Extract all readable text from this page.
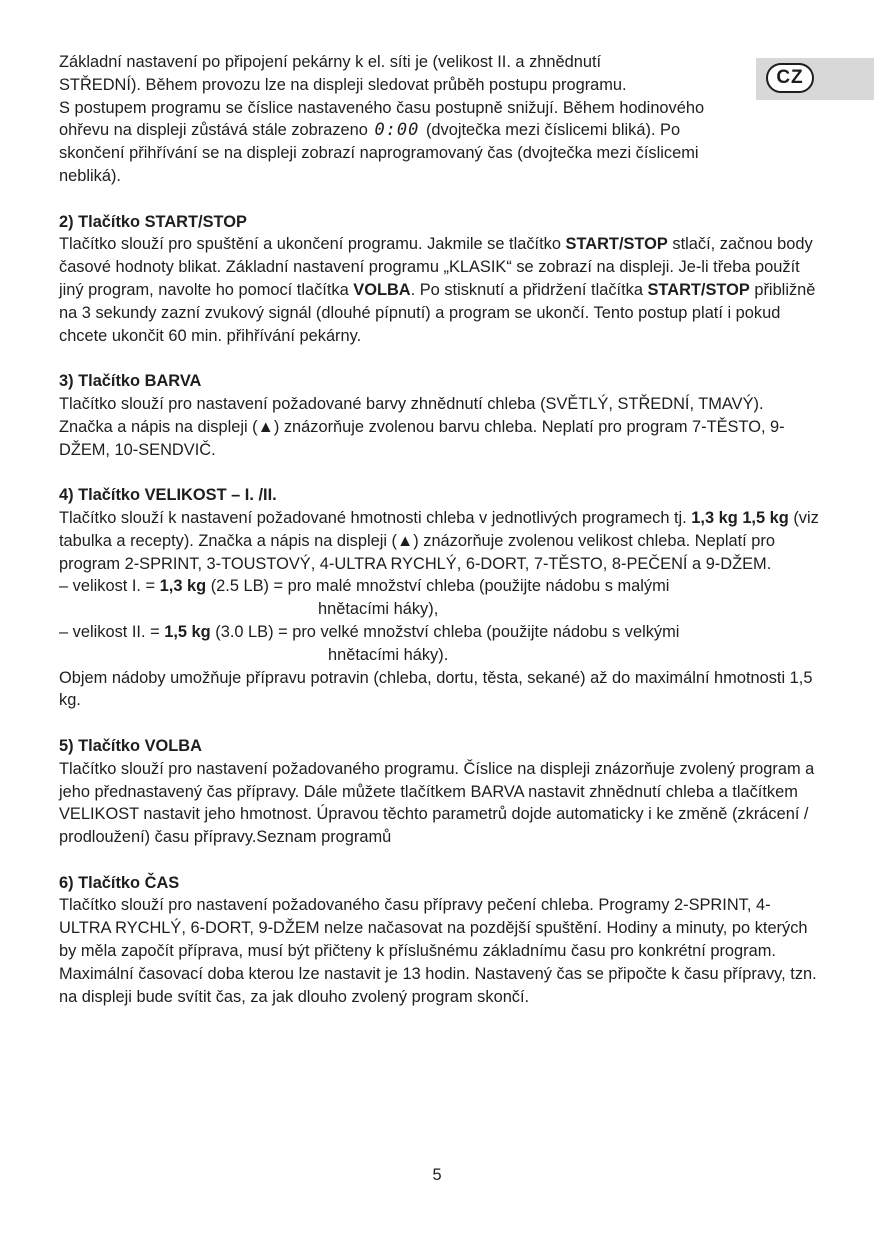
CZ

Základní nastavení po připojení pekárny k el. síti je (velikost II. a zhnědnutí
STŘEDNÍ). Během provozu lze na displeji sledovat průběh postupu programu.
S postupem programu se číslice nastaveného času postupně snižují. Během hodinového
ohřevu na displeji zůstává stále zobrazeno 0:00 (dvojtečka mezi číslicemi bliká). Po
skončení přihřívání se na displeji zobrazí naprogramovaný čas (dvojtečka mezi číslicemi
nebliká).

2) Tlačítko START/STOP

Tlačítko slouží pro spuštění a ukončení programu. Jakmile se tlačítko START/STOP stlačí, začnou body časové hodnoty blikat. Základní nastavení programu „KLASIK“ se zobrazí na displeji. Je-li třeba použít jiný program, navolte ho pomocí tlačítka VOLBA. Po stisknutí a přidržení tlačítka START/STOP přibližně na 3 sekundy zazní zvukový signál (dlouhé pípnutí) a program se ukončí. Tento postup platí i pokud chcete ukončit 60 min. přihřívání pekárny.

3) Tlačítko BARVA

Tlačítko slouží pro nastavení požadované barvy zhnědnutí chleba (SVĚTLÝ, STŘEDNÍ, TMAVÝ). Značka a nápis na displeji (▲) znázorňuje zvolenou barvu chleba. Neplatí pro program 7-TĚSTO, 9-DŽEM, 10-SENDVIČ.

4) Tlačítko VELIKOST – I. /II.

Tlačítko slouží k nastavení požadované hmotnosti chleba v jednotlivých programech tj. 1,3 kg 1,5 kg (viz tabulka a recepty). Značka a nápis na displeji (▲) znázorňuje zvolenou velikost chleba. Neplatí pro program 2-SPRINT, 3-TOUSTOVÝ, 4-ULTRA RYCHLÝ, 6-DORT, 7-TĚSTO, 8-PEČENÍ a 9-DŽEM.

– velikost I. = 1,3 kg (2.5 LB) = pro malé množství chleba (použijte nádobu s malými
hnětacími háky),

– velikost II. = 1,5 kg (3.0 LB) = pro velké množství chleba (použijte nádobu s velkými
hnětacími háky).

Objem nádoby umožňuje přípravu potravin (chleba, dortu, těsta, sekané) až do maximální hmotnosti 1,5 kg.

5) Tlačítko VOLBA

Tlačítko slouží pro nastavení požadovaného programu. Číslice na displeji znázorňuje zvolený program a jeho přednastavený čas přípravy. Dále můžete tlačítkem BARVA nastavit zhnědnutí chleba a tlačítkem VELIKOST nastavit jeho hmotnost. Úpravou těchto parametrů dojde automaticky i ke změně (zkrácení / prodloužení) času přípravy.Seznam programů

6) Tlačítko ČAS

Tlačítko slouží pro nastavení požadovaného času přípravy pečení chleba. Programy 2-SPRINT, 4-ULTRA RYCHLÝ, 6-DORT, 9-DŽEM nelze načasovat na pozdější spuštění. Hodiny a minuty, po kterých by měla započít příprava, musí být přičteny k příslušnému základnímu času pro konkrétní program. Maximální časovací doba kterou lze nastavit je 13 hodin. Nastavený čas se připočte k času přípravy, tzn. na displeji bude svítit čas, za jak dlouho zvolený program skončí.

5
